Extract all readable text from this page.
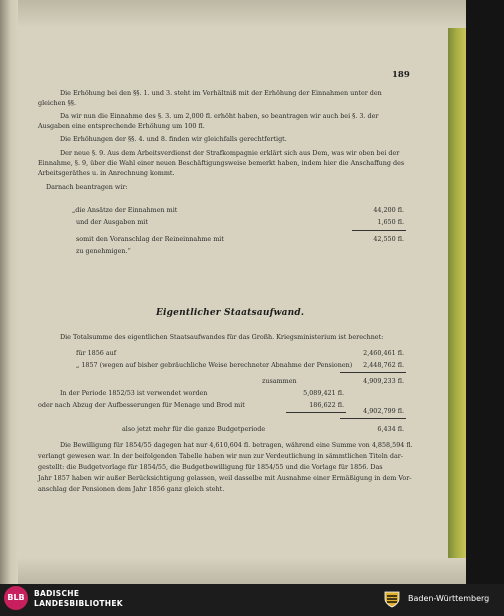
189
Die Erhöhung bei den §§. 1. und 3. steht im Verhältniß mit der Erhöhung der Einnahmen unter den
gleichen §§.
Da wir nun die Einnahme des §. 3. um 2,000 fl. erhöht haben, so beantragen wir auch bei §. 3. der
Ausgaben eine entsprechende Erhöhung um 100 fl.
Die Erhöhungen der §§. 4. und 8. finden wir gleichfalls gerechtfertigt.
Der neue §. 9. Aus dem Arbeitsverdienst der Strafkompagnie erklärt sich aus Dem, was wir oben bei der
Einnahme, §. 9, über die Wahl einer neuen Beschäftigungsweise bemerkt haben, indem hier die Anschaffung des
Arbeitsgeräthes u. in Anrechnung kommt.
Darnach beantragen wir:
„die Ansätze der Einnahmen mit	44,200 fl.
und der Ausgaben mit	1,650 fl.
somit den Voranschlag der Reineinnahme mit	42,550 fl.
zu genehmigen.“
Die Totalsumme des eigentlichen Staatsaufwandes für das Großh. Kriegsministerium ist berechnet:
für 1856 auf	2,460,461 fl.
„ 1857 (wegen auf bisher gebräuchliche Weise berechneter Abnahme der Pensionen)	2,448,762 fl.
zusammen	4,909,233 fl.
In der Periode 1852/53 ist verwendet worden	5,089,421 fl.
oder nach Abzug der Aufbesserungen für Menage und Brod mit	186,622 fl.
4,902,799 fl.
also jetzt mehr für die ganze Budgetperiode	6,434 fl.
Die Bewilligung für 1854/55 dagegen hat nur 4,610,604 fl. betragen, während eine Summe von 4,858,594 fl.
verlangt gewesen war. In der beifolgenden Tabelle haben wir nun zur Verdeutlichung in sämmtlichen Titeln dar-
gestellt: die Budgetvorlage für 1854/55, die Budgetbewilligung für 1854/55 und die Vorlage für 1856. Das
Jahr 1857 haben wir außer Berücksichtigung gelassen, weil dasselbe mit Ausnahme einer Ermäßigung in dem Vor-
anschlag der Pensionen dem Jahr 1856 ganz gleich steht.
Eigentlicher Staatsaufwand.
BLB	BADISCHE
LANDESBIBLIOTHEK
Baden-Württemberg
